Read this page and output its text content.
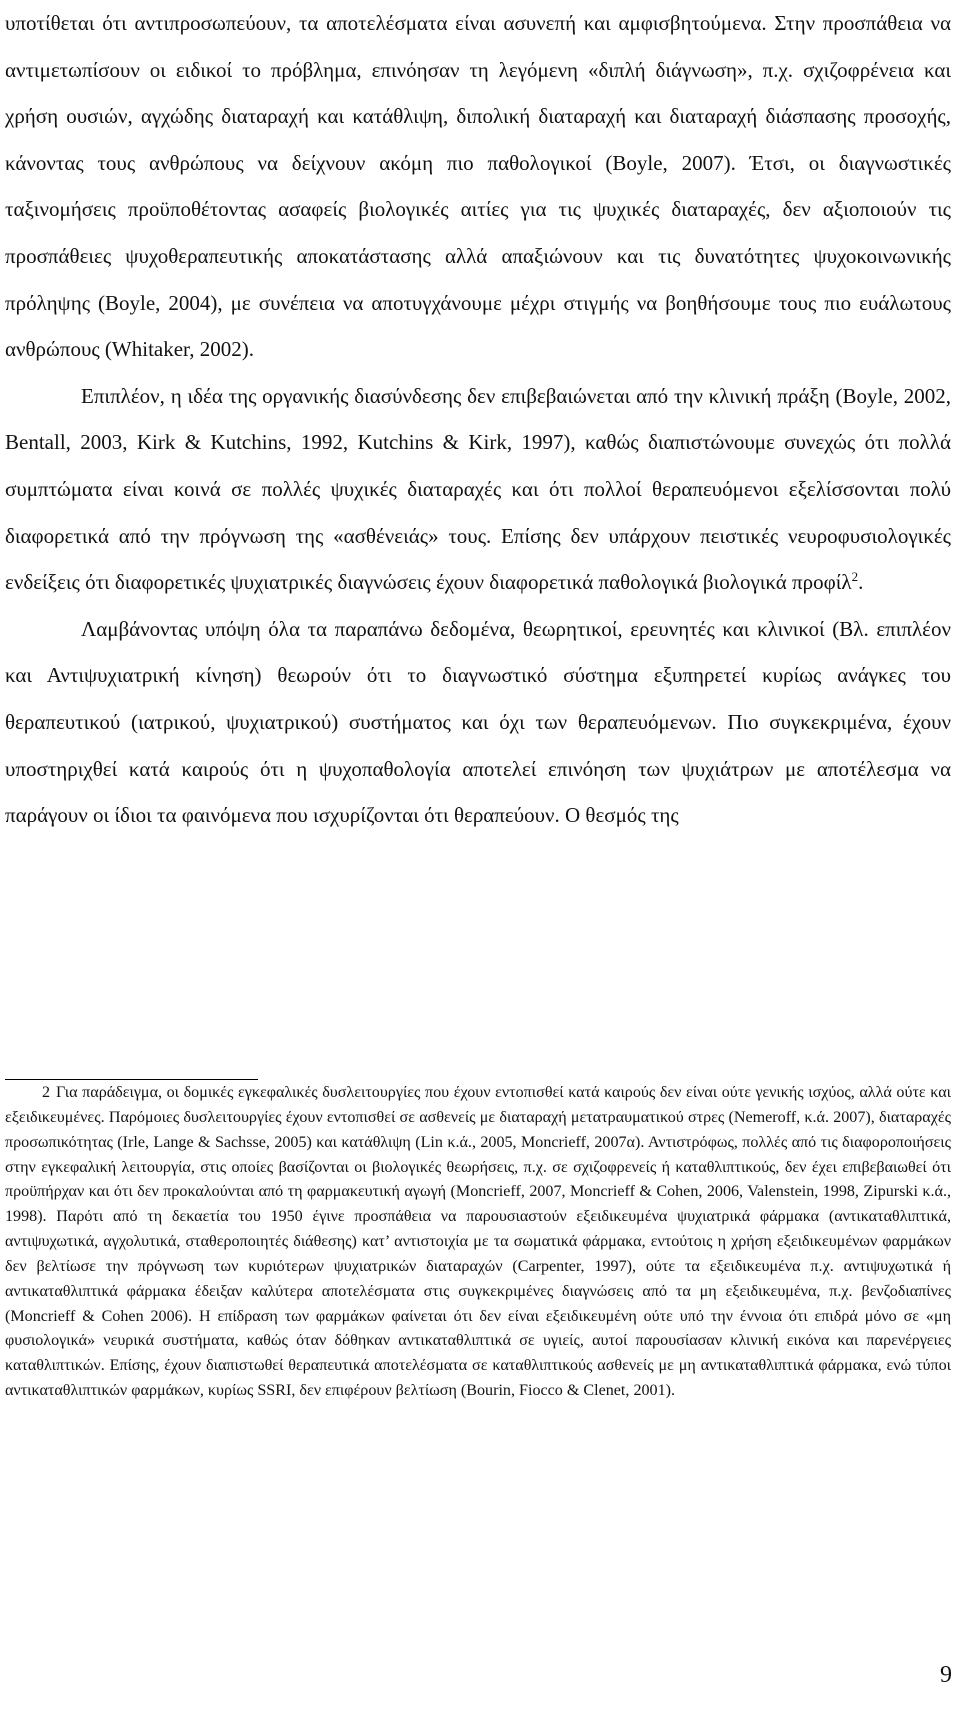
υποτίθεται ότι αντιπροσωπεύουν, τα αποτελέσματα είναι ασυνεπή και αμφισβητούμενα. Στην προσπάθεια να αντιμετωπίσουν οι ειδικοί το πρόβλημα, επινόησαν τη λεγόμενη «διπλή διάγνωση», π.χ. σχιζοφρένεια και χρήση ουσιών, αγχώδης διαταραχή και κατάθλιψη, διπολική διαταραχή και διαταραχή διάσπασης προσοχής, κάνοντας τους ανθρώπους να δείχνουν ακόμη πιο παθολογικοί (Boyle, 2007). Έτσι, οι διαγνωστικές ταξινομήσεις προϋποθέτοντας ασαφείς βιολογικές αιτίες για τις ψυχικές διαταραχές, δεν αξιοποιούν τις προσπάθειες ψυχοθεραπευτικής αποκατάστασης αλλά απαξιώνουν και τις δυνατότητες ψυχοκοινωνικής πρόληψης (Boyle, 2004), με συνέπεια να αποτυγχάνουμε μέχρι στιγμής να βοηθήσουμε τους πιο ευάλωτους ανθρώπους (Whitaker, 2002).

Επιπλέον, η ιδέα της οργανικής διασύνδεσης δεν επιβεβαιώνεται από την κλινική πράξη (Boyle, 2002, Bentall, 2003, Kirk & Kutchins, 1992, Kutchins & Kirk, 1997), καθώς διαπιστώνουμε συνεχώς ότι πολλά συμπτώματα είναι κοινά σε πολλές ψυχικές διαταραχές και ότι πολλοί θεραπευόμενοι εξελίσσονται πολύ διαφορετικά από την πρόγνωση της «ασθένειάς» τους. Επίσης δεν υπάρχουν πειστικές νευροφυσιολογικές ενδείξεις ότι διαφορετικές ψυχιατρικές διαγνώσεις έχουν διαφορετικά παθολογικά βιολογικά προφίλ$^2$.

Λαμβάνοντας υπόψη όλα τα παραπάνω δεδομένα, θεωρητικοί, ερευνητές και κλινικοί (Βλ. επιπλέον και Αντιψυχιατρική κίνηση) θεωρούν ότι το διαγνωστικό σύστημα εξυπηρετεί κυρίως ανάγκες του θεραπευτικού (ιατρικού, ψυχιατρικού) συστήματος και όχι των θεραπευόμενων. Πιο συγκεκριμένα, έχουν υποστηριχθεί κατά καιρούς ότι η ψυχοπαθολογία αποτελεί επινόηση των ψυχιάτρων με αποτέλεσμα να παράγουν οι ίδιοι τα φαινόμενα που ισχυρίζονται ότι θεραπεύουν. Ο θεσμός της

2 Για παράδειγμα, οι δομικές εγκεφαλικές δυσλειτουργίες που έχουν εντοπισθεί κατά καιρούς δεν είναι ούτε γενικής ισχύος, αλλά ούτε και εξειδικευμένες. Παρόμοιες δυσλειτουργίες έχουν εντοπισθεί σε ασθενείς με διαταραχή μετατραυματικού στρες (Nemeroff, κ.ά. 2007), διαταραχές προσωπικότητας (Irle, Lange & Sachsse, 2005) και κατάθλιψη (Lin κ.ά., 2005, Moncrieff, 2007α). Αντιστρόφως, πολλές από τις διαφοροποιήσεις στην εγκεφαλική λειτουργία, στις οποίες βασίζονται οι βιολογικές θεωρήσεις, π.χ. σε σχιζοφρενείς ή καταθλιπτικούς, δεν έχει επιβεβαιωθεί ότι προϋπήρχαν και ότι δεν προκαλούνται από τη φαρμακευτική αγωγή (Moncrieff, 2007, Moncrieff & Cohen, 2006, Valenstein, 1998, Zipurski κ.ά., 1998). Παρότι από τη δεκαετία του 1950 έγινε προσπάθεια να παρουσιαστούν εξειδικευμένα ψυχιατρικά φάρμακα (αντικαταθλιπτικά, αντιψυχωτικά, αγχολυτικά, σταθεροποιητές διάθεσης) κατ’ αντιστοιχία με τα σωματικά φάρμακα, εντούτοις η χρήση εξειδικευμένων φαρμάκων δεν βελτίωσε την πρόγνωση των κυριότερων ψυχιατρικών διαταραχών (Carpenter, 1997), ούτε τα εξειδικευμένα π.χ. αντιψυχωτικά ή αντικαταθλιπτικά φάρμακα έδειξαν καλύτερα αποτελέσματα στις συγκεκριμένες διαγνώσεις από τα μη εξειδικευμένα, π.χ. βενζοδιαπίνες (Moncrieff & Cohen 2006). Η επίδραση των φαρμάκων φαίνεται ότι δεν είναι εξειδικευμένη ούτε υπό την έννοια ότι επιδρά μόνο σε «μη φυσιολογικά» νευρικά συστήματα, καθώς όταν δόθηκαν αντικαταθλιπτικά σε υγιείς, αυτοί παρουσίασαν κλινική εικόνα και παρενέργειες καταθλιπτικών. Επίσης, έχουν διαπιστωθεί θεραπευτικά αποτελέσματα σε καταθλιπτικούς ασθενείς με μη αντικαταθλιπτικά φάρμακα, ενώ τύποι αντικαταθλιπτικών φαρμάκων, κυρίως SSRI, δεν επιφέρουν βελτίωση (Bourin, Fiocco & Clenet, 2001).
9
